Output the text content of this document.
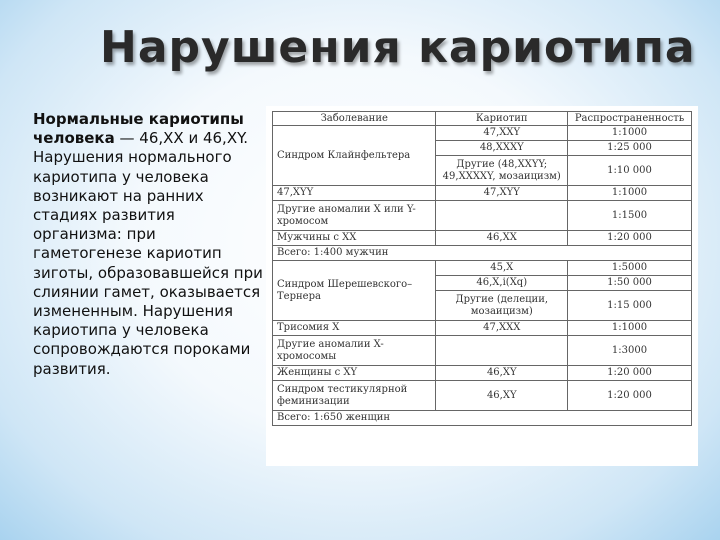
Нарушения кариотипа
Нормальные кариотипы человека — 46,XX и 46,XY. Нарушения нормального кариотипа у человека возникают на ранних стадиях развития организма: при гаметогенезе кариотип зиготы, образовавшейся при слиянии гамет, оказывается измененным. Нарушения кариотипа у человека сопровождаются пороками развития.
Заболевание	Кариотип	Распространенность
Синдром Клайнфельтера	47,XXY	1:1000
	48,XXXY	1:25 000
	Другие (48,XXYY; 49,XXXXY, мозаицизм)	1:10 000
47,XYY	47,XYY	1:1000
Другие аномалии X или Y-хромосом		1:1500
Мужчины с XX	46,XX	1:20 000
Всего: 1:400 мужчин		
Синдром Шерешевского–Тернера	45,X	1:5000
	46,X,i(Xq)	1:50 000
	Другие (делеции, мозаицизм)	1:15 000
Трисомия X	47,XXX	1:1000
Другие аномалии X-хромосомы		1:3000
Женщины с XY	46,XY	1:20 000
Синдром тестикулярной феминизации	46,XY	1:20 000
Всего: 1:650 женщин		
